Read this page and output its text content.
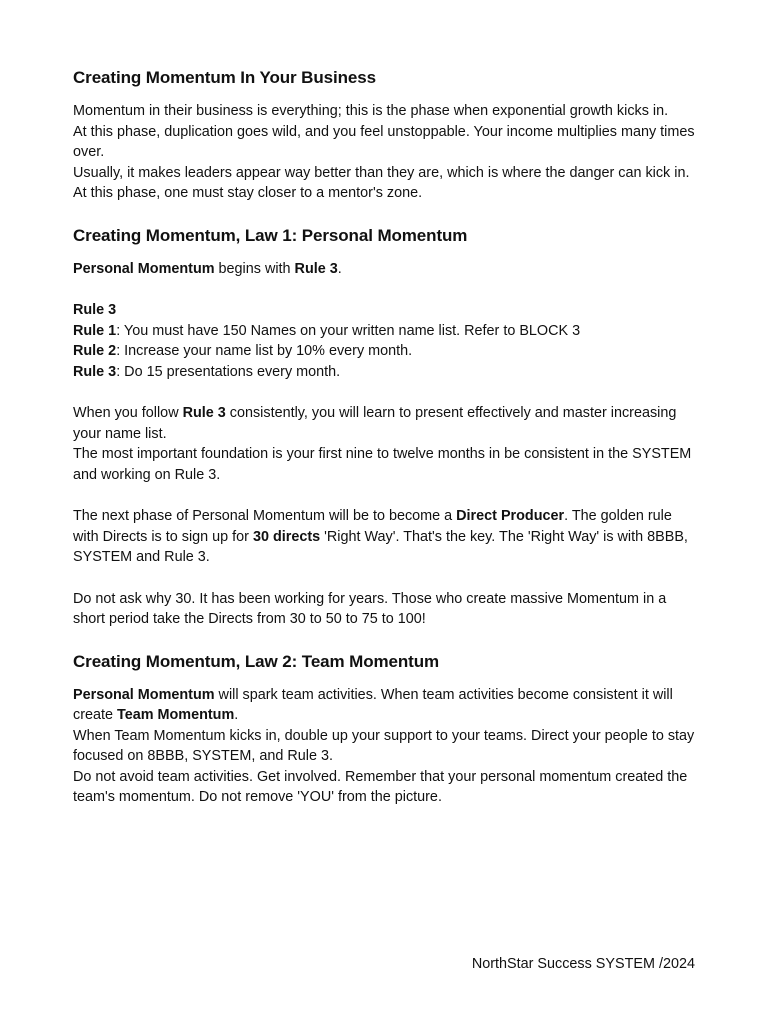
Creating Momentum In Your Business

Momentum in their business is everything; this is the phase when exponential growth kicks in.

At this phase, duplication goes wild, and you feel unstoppable. Your income multiplies many times over.

Usually, it makes leaders appear way better than they are, which is where the danger can kick in. At this phase, one must stay closer to a mentor's zone.

Creating Momentum, Law 1: Personal Momentum

Personal Momentum begins with Rule 3.

Rule 3

Rule 1: You must have 150 Names on your written name list. Refer to BLOCK 3

Rule 2: Increase your name list by 10% every month.

Rule 3: Do 15 presentations every month.

When you follow Rule 3 consistently, you will learn to present effectively and master increasing your name list.

The most important foundation is your first nine to twelve months in be consistent in the SYSTEM and working on Rule 3.

The next phase of Personal Momentum will be to become a Direct Producer. The golden rule with Directs is to sign up for 30 directs 'Right Way'. That's the key. The 'Right Way' is with 8BBB, SYSTEM and Rule 3.

Do not ask why 30. It has been working for years. Those who create massive Momentum in a short period take the Directs from 30 to 50 to 75 to 100!

Creating Momentum, Law 2: Team Momentum

Personal Momentum will spark team activities. When team activities become consistent it will create Team Momentum.

When Team Momentum kicks in, double up your support to your teams. Direct your people to stay focused on 8BBB, SYSTEM, and Rule 3.

Do not avoid team activities. Get involved. Remember that your personal momentum created the team's momentum. Do not remove 'YOU' from the picture.

NorthStar Success SYSTEM /2024
